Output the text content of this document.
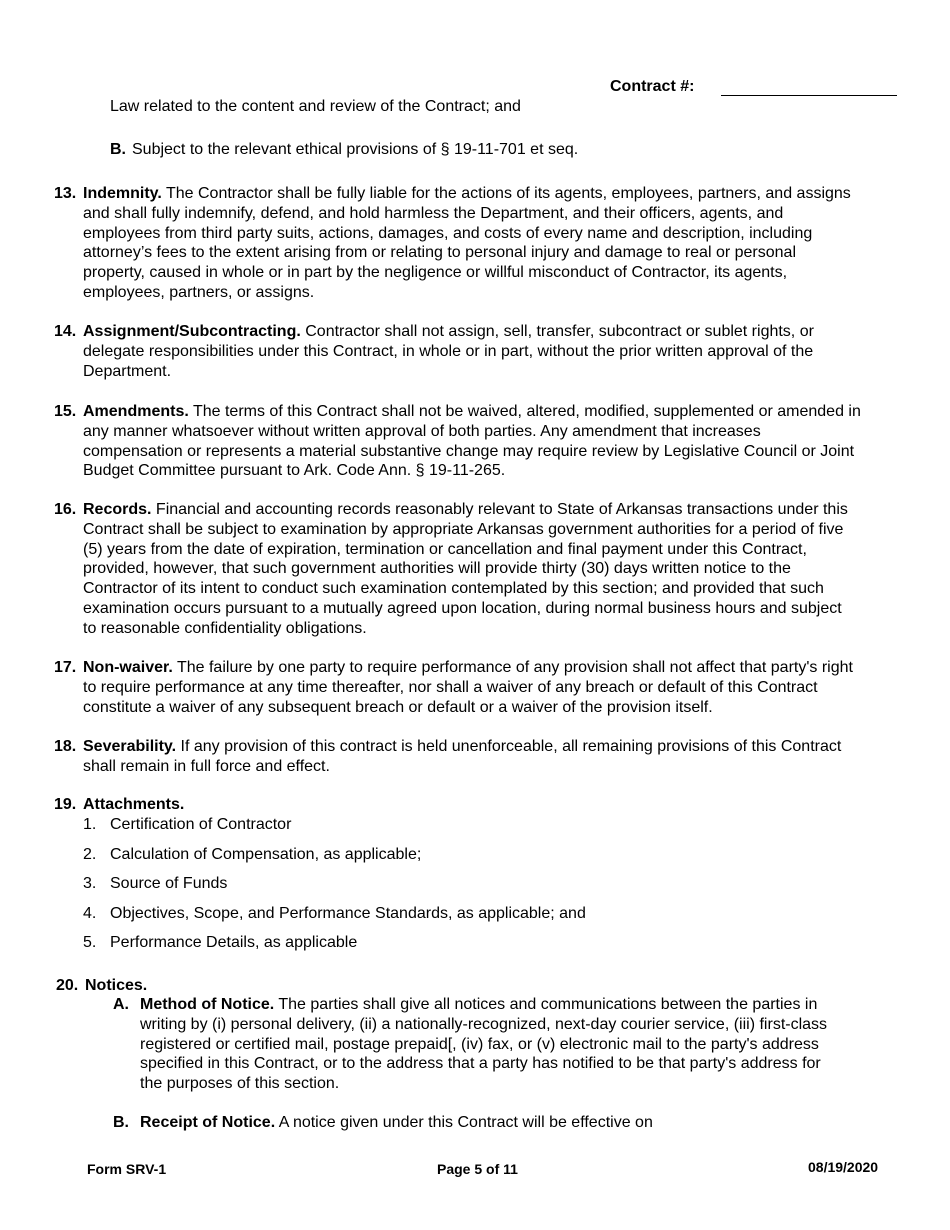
Contract #:
Law related to the content and review of the Contract; and
B. Subject to the relevant ethical provisions of § 19-11-701 et seq.
13. Indemnity. The Contractor shall be fully liable for the actions of its agents, employees, partners, and assigns
and shall fully indemnify, defend, and hold harmless the Department, and their officers, agents, and
employees from third party suits, actions, damages, and costs of every name and description, including
attorney’s fees to the extent arising from or relating to personal injury and damage to real or personal
property, caused in whole or in part by the negligence or willful misconduct of Contractor, its agents,
employees, partners, or assigns.
14. Assignment/Subcontracting. Contractor shall not assign, sell, transfer, subcontract or sublet rights, or
delegate responsibilities under this Contract, in whole or in part, without the prior written approval of the
Department.
15. Amendments. The terms of this Contract shall not be waived, altered, modified, supplemented or amended in
any manner whatsoever without written approval of both parties. Any amendment that increases
compensation or represents a material substantive change may require review by Legislative Council or Joint
Budget Committee pursuant to Ark. Code Ann. § 19-11-265.
16. Records. Financial and accounting records reasonably relevant to State of Arkansas transactions under this
Contract shall be subject to examination by appropriate Arkansas government authorities for a period of five
(5) years from the date of expiration, termination or cancellation and final payment under this Contract,
provided, however, that such government authorities will provide thirty (30) days written notice to the
Contractor of its intent to conduct such examination contemplated by this section; and provided that such
examination occurs pursuant to a mutually agreed upon location, during normal business hours and subject
to reasonable confidentiality obligations.
17. Non-waiver. The failure by one party to require performance of any provision shall not affect that party's right
to require performance at any time thereafter, nor shall a waiver of any breach or default of this Contract
constitute a waiver of any subsequent breach or default or a waiver of the provision itself.
18. Severability. If any provision of this contract is held unenforceable, all remaining provisions of this Contract
shall remain in full force and effect.
19. Attachments.
1. Certification of Contractor
2. Calculation of Compensation, as applicable;
3. Source of Funds
4. Objectives, Scope, and Performance Standards, as applicable; and
5. Performance Details, as applicable
20. Notices.
A. Method of Notice. The parties shall give all notices and communications between the parties in
writing by (i) personal delivery, (ii) a nationally-recognized, next-day courier service, (iii) first-class
registered or certified mail, postage prepaid[, (iv) fax, or (v) electronic mail to the party's address
specified in this Contract, or to the address that a party has notified to be that party's address for
the purposes of this section.
B. Receipt of Notice. A notice given under this Contract will be effective on
Form SRV-1	Page 5 of 11	08/19/2020
